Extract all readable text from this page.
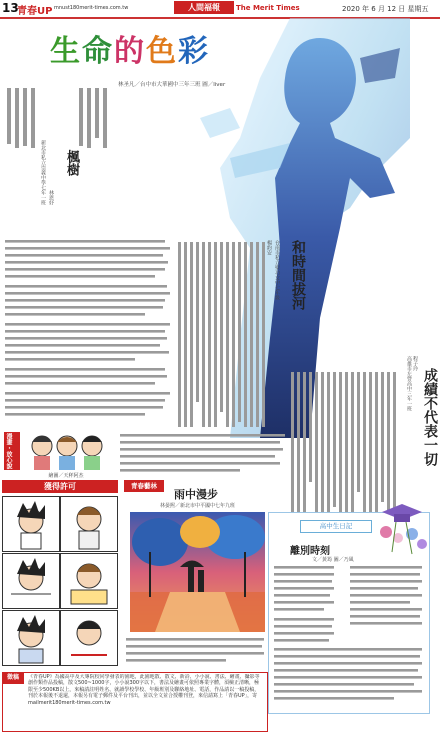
13
青春UP mnust180merit-times.com.tw	人間福報	The Merit Times	2020 年 6 月 12 日 星期五
生命的色彩
林圣凡／台中市大華國中三年三班 圖／liver
楓樹
林恩妤
新北市私立崇義中學七年一班
和時間拔河
台南市私立聖功女中七年級
楊約安
成績不代表一切
高雄市左營高中三年一班 程子玲
漫畫・放心說
繪圖／天秤阿杰
獲得許可	青春藝林
雨中漫步
林晏熙／新北市中平國中七年九班
高中生日記
離別時刻
文／黃筠 圖／乃風
徵稿	《青春UP》為國高中及大專院校同學發表的園地，此園地散、散文、新詩、小小說、書法、繪畫、攝影等創作類作品投稿，散文500~1000字，小小說300字以下，書法及繪畫可依照專業字體，須檢正清晰，極限至少500KB以上，來稿請註明姓名、就讀學校學校、年級班別及聯絡地址、電話，作品請以一稿投稿，刊於本報後不退還，本報另有電子郵件及平台刊出，並以全文並合授權刊登，來信請寫上「青春UP」，寄 mailmerit180merit-times.com.tw
